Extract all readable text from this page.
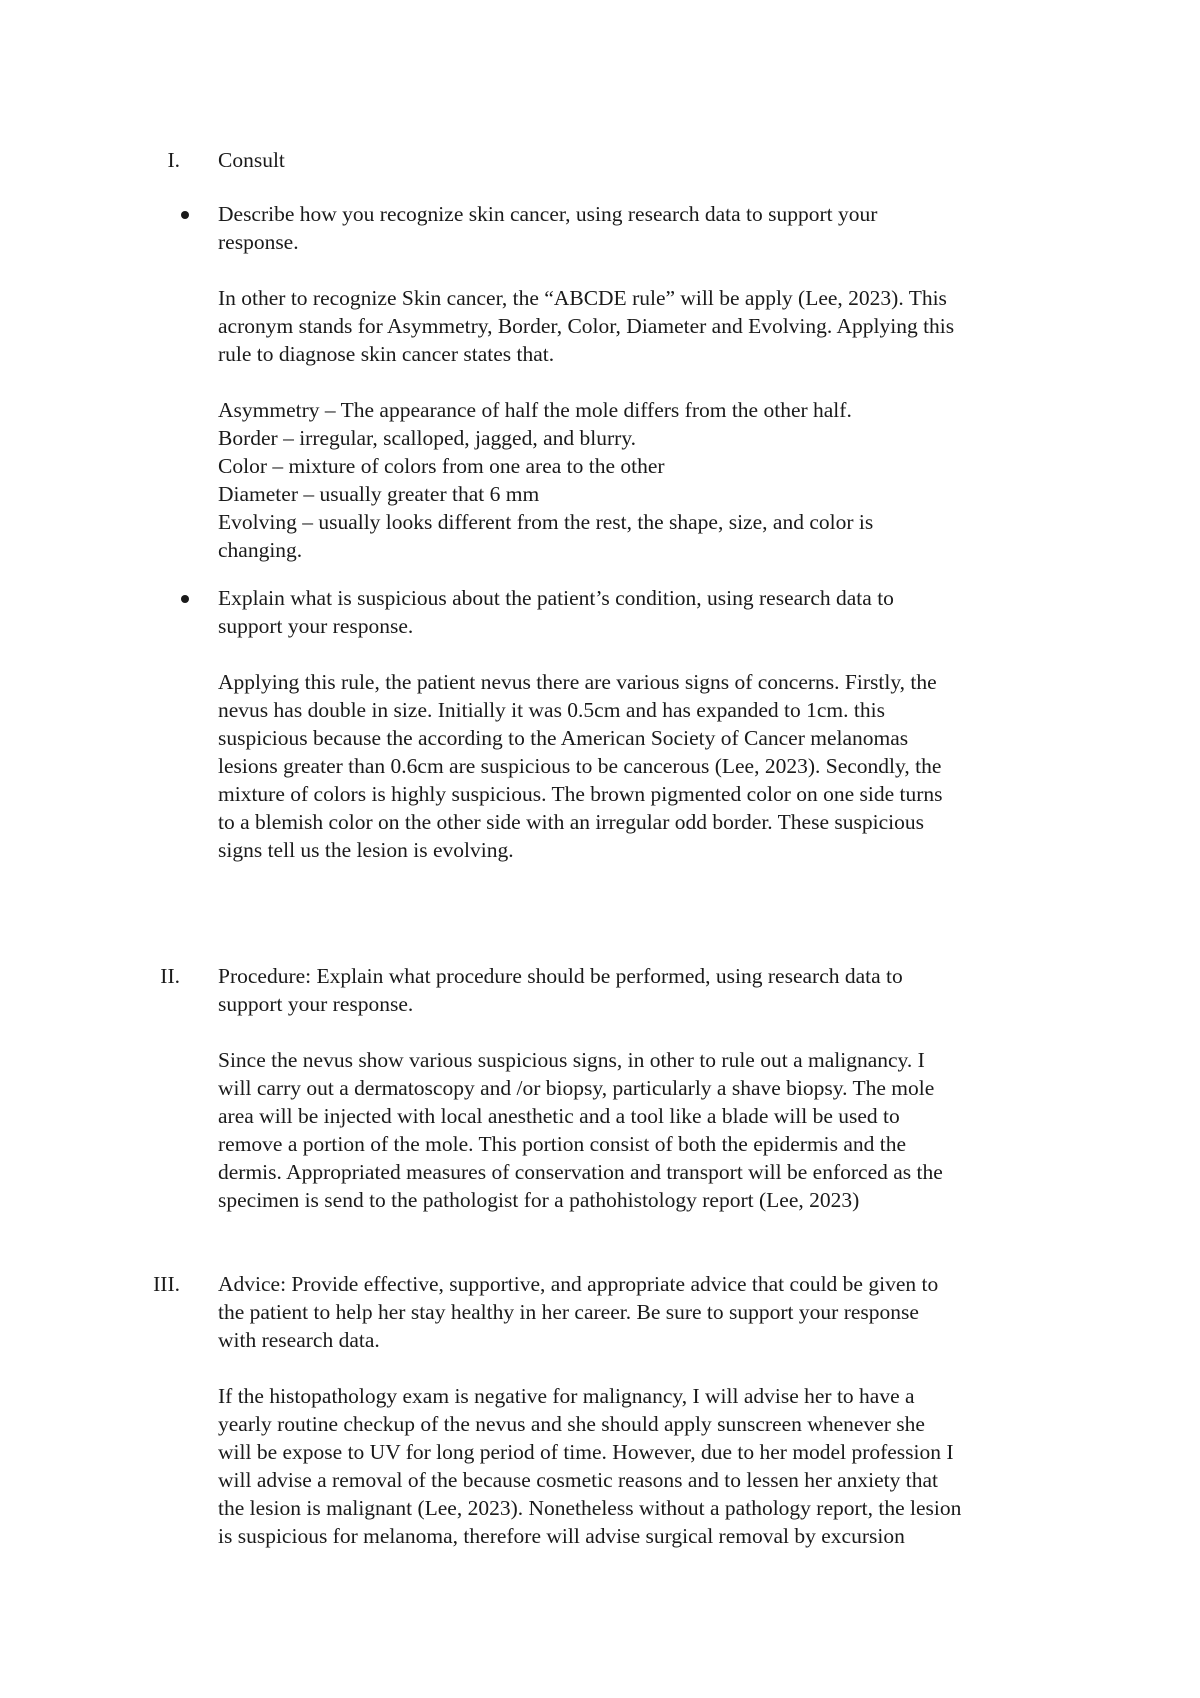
I. Consult
Describe how you recognize skin cancer, using research data to support your
response.
In other to recognize Skin cancer, the “ABCDE rule” will be apply (Lee, 2023). This
acronym stands for Asymmetry, Border, Color, Diameter and Evolving. Applying this
rule to diagnose skin cancer states that.
Asymmetry – The appearance of half the mole differs from the other half.
Border – irregular, scalloped, jagged, and blurry.
Color – mixture of colors from one area to the other
Diameter – usually greater that 6 mm
Evolving – usually looks different from the rest, the shape, size, and color is
changing.
Explain what is suspicious about the patient’s condition, using research data to
support your response.
Applying this rule, the patient nevus there are various signs of concerns. Firstly, the
nevus has double in size. Initially it was 0.5cm and has expanded to 1cm. this
suspicious because the according to the American Society of Cancer melanomas
lesions greater than 0.6cm are suspicious to be cancerous (Lee, 2023). Secondly, the
mixture of colors is highly suspicious. The brown pigmented color on one side turns
to a blemish color on the other side with an irregular odd border. These suspicious
signs tell us the lesion is evolving.
II. Procedure: Explain what procedure should be performed, using research data to
support your response.
Since the nevus show various suspicious signs, in other to rule out a malignancy. I
will carry out a dermatoscopy and /or biopsy, particularly a shave biopsy. The mole
area will be injected with local anesthetic and a tool like a blade will be used to
remove a portion of the mole. This portion consist of both the epidermis and the
dermis. Appropriated measures of conservation and transport will be enforced as the
specimen is send to the pathologist for a pathohistology report (Lee, 2023)
III. Advice: Provide effective, supportive, and appropriate advice that could be given to
the patient to help her stay healthy in her career. Be sure to support your response
with research data.
If the histopathology exam is negative for malignancy, I will advise her to have a
yearly routine checkup of the nevus and she should apply sunscreen whenever she
will be expose to UV for long period of time. However, due to her model profession I
will advise a removal of the because cosmetic reasons and to lessen her anxiety that
the lesion is malignant (Lee, 2023). Nonetheless without a pathology report, the lesion
is suspicious for melanoma, therefore will advise surgical removal by excursion
